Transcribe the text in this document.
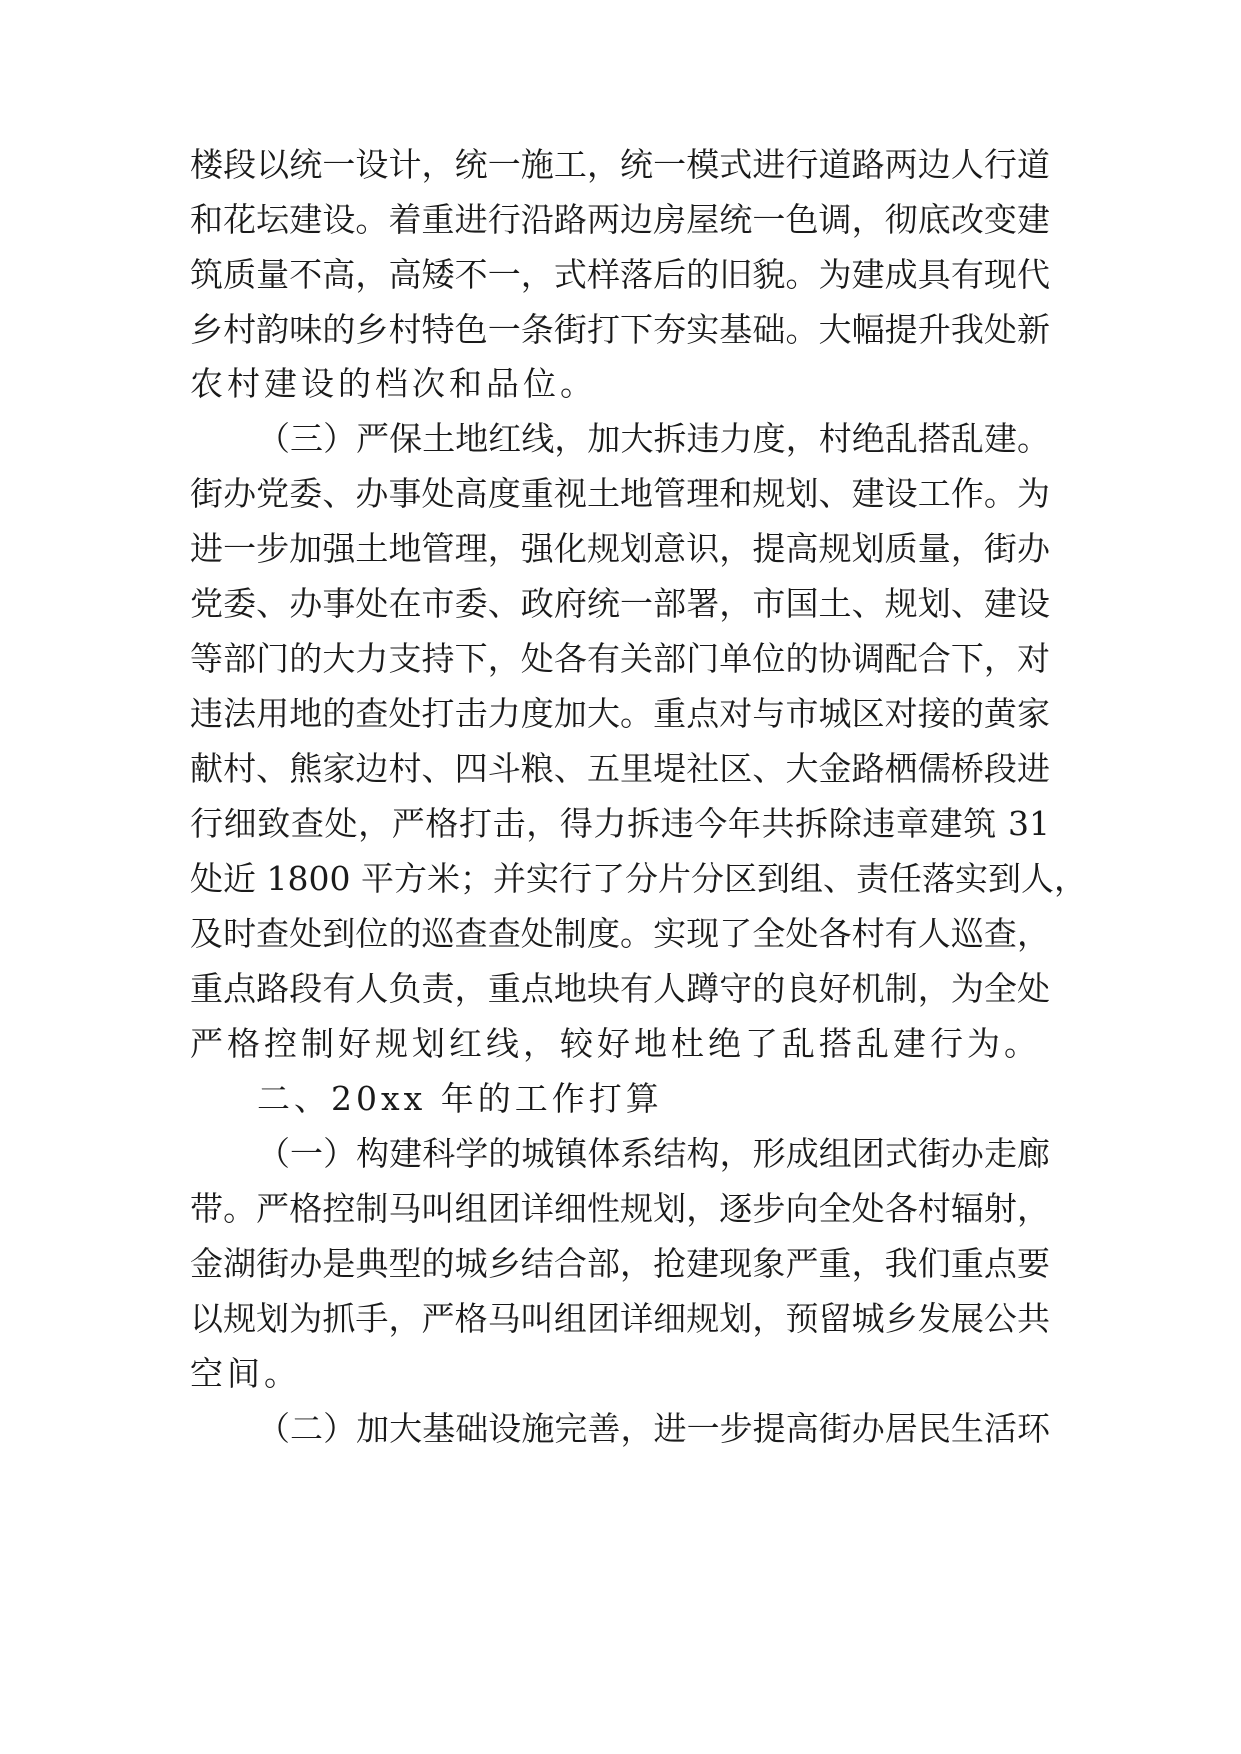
楼段以统一设计，统一施工，统一模式进行道路两边人行道
和花坛建设。着重进行沿路两边房屋统一色调，彻底改变建
筑质量不高，高矮不一，式样落后的旧貌。为建成具有现代
乡村韵味的乡村特色一条街打下夯实基础。大幅提升我处新
农村建设的档次和品位。
（三）严保土地红线，加大拆违力度，村绝乱搭乱建。
街办党委、办事处高度重视土地管理和规划、建设工作。为
进一步加强土地管理，强化规划意识，提高规划质量，街办
党委、办事处在市委、政府统一部署，市国土、规划、建设
等部门的大力支持下，处各有关部门单位的协调配合下，对
违法用地的查处打击力度加大。重点对与市城区对接的黄家
献村、熊家边村、四斗粮、五里堤社区、大金路栖儒桥段进
行细致查处，严格打击，得力拆违今年共拆除违章建筑 31
处近 1800 平方米；并实行了分片分区到组、责任落实到人，
及时查处到位的巡查查处制度。实现了全处各村有人巡查，
重点路段有人负责，重点地块有人蹲守的良好机制，为全处
严格控制好规划红线，较好地杜绝了乱搭乱建行为。
二、20xx 年的工作打算
（一）构建科学的城镇体系结构，形成组团式街办走廊
带。严格控制马叫组团详细性规划，逐步向全处各村辐射，
金湖街办是典型的城乡结合部，抢建现象严重，我们重点要
以规划为抓手，严格马叫组团详细规划，预留城乡发展公共
空间。
（二）加大基础设施完善，进一步提高街办居民生活环
